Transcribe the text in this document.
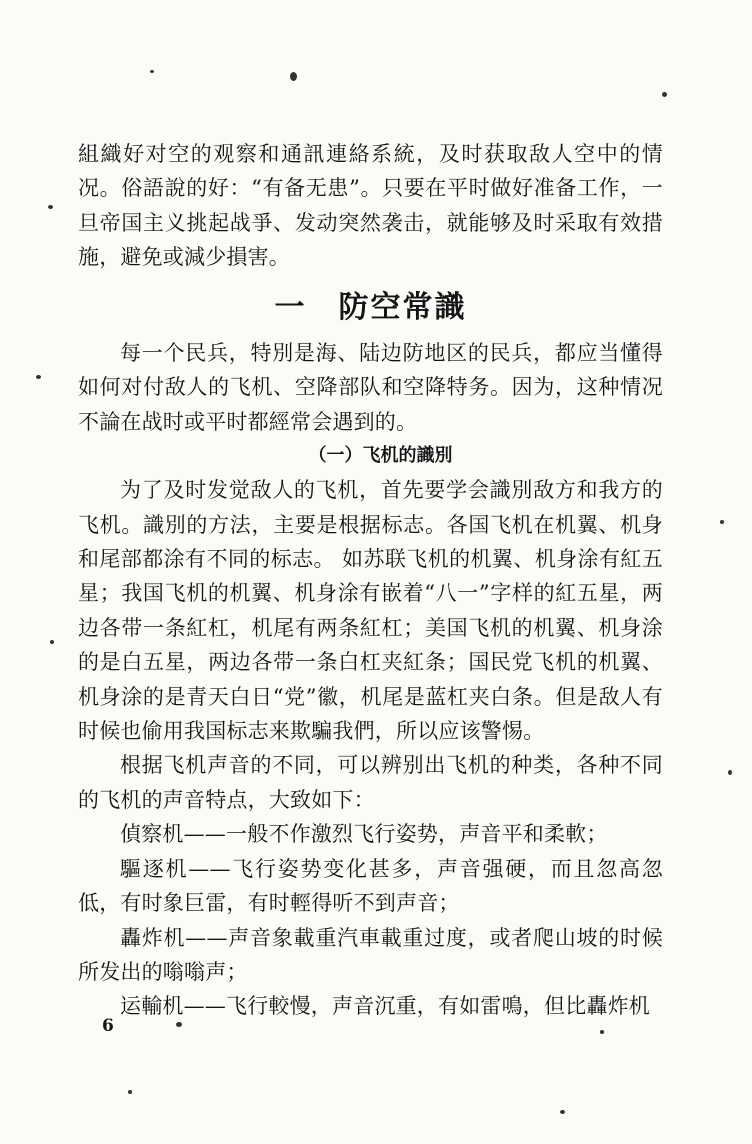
組織好对空的观察和通訊連絡系統，及时获取敌人空中的情况。俗語說的好：“有备无患”。只要在平时做好准备工作，一旦帝国主义挑起战爭、发动突然袭击，就能够及时采取有效措施，避免或減少損害。

一　防空常識

每一个民兵，特別是海、陆边防地区的民兵，都应当懂得如何对付敌人的飞机、空降部队和空降特务。因为，这种情况不論在战时或平时都經常会遇到的。

（一）飞机的識別

为了及时发觉敌人的飞机，首先要学会識別敌方和我方的飞机。識別的方法，主要是根据标志。各国飞机在机翼、机身和尾部都涂有不同的标志。 如苏联飞机的机翼、机身涂有紅五星；我国飞机的机翼、机身涂有嵌着“八一”字样的紅五星，两边各带一条紅杠，机尾有两条紅杠；美国飞机的机翼、机身涂的是白五星，两边各带一条白杠夹紅条；国民党飞机的机翼、机身涂的是青天白日“党”徽，机尾是蓝杠夹白条。但是敌人有时候也偷用我国标志来欺騙我們，所以应该警惕。

根据飞机声音的不同，可以辨别出飞机的种类，各种不同的飞机的声音特点，大致如下：

偵察机——一般不作激烈飞行姿势，声音平和柔軟；

驅逐机——飞行姿势变化甚多，声音强硬，而且忽高忽低，有时象巨雷，有时輕得听不到声音；

轟炸机——声音象載重汽車載重过度，或者爬山坡的时候所发出的嗡嗡声；

运輸机——飞行較慢，声音沉重，有如雷鳴，但比轟炸机

6
